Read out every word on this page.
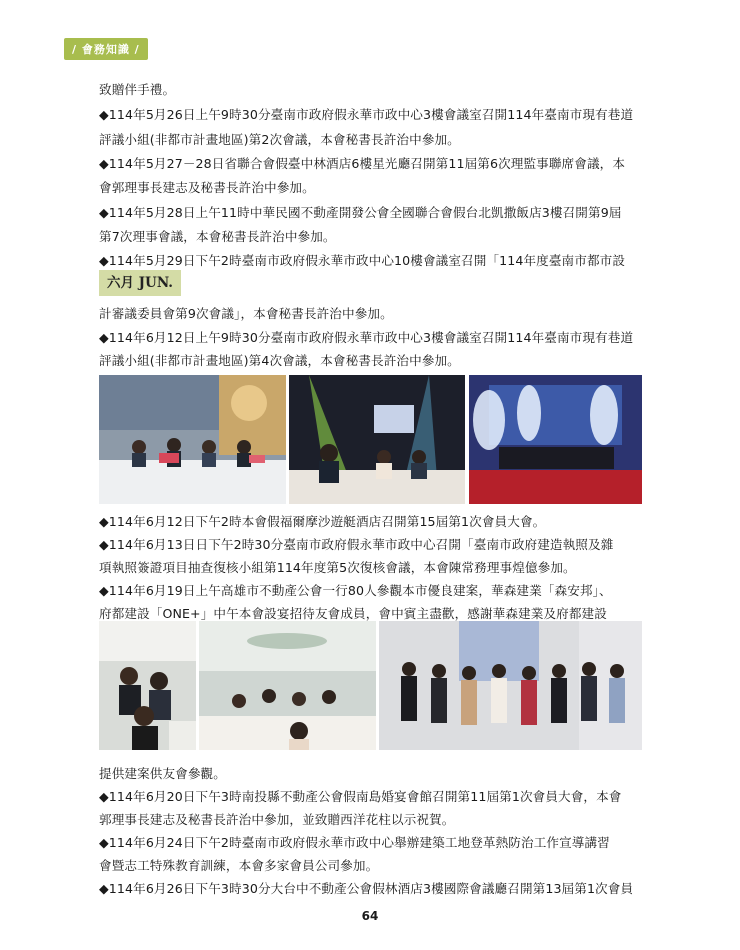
/ 會務知識 /
致贈伴手禮。
◆114年5月26日上午9時30分臺南市政府假永華市政中心3樓會議室召開114年臺南市現有巷道
評議小組(非都市計畫地區)第2次會議，本會秘書長許治中參加。
◆114年5月27－28日省聯合會假臺中林酒店6樓星光廳召開第11屆第6次理監事聯席會議，本
會郭理事長建志及秘書長許治中參加。
◆114年5月28日上午11時中華民國不動產開發公會全國聯合會假台北凱撒飯店3樓召開第9屆
第7次理事會議，本會秘書長許治中參加。
◆114年5月29日下午2時臺南市政府假永華市政中心10樓會議室召開「114年度臺南市都市設
六月 JUN.
計審議委員會第9次會議」，本會秘書長許治中參加。
◆114年6月12日上午9時30分臺南市政府假永華市政中心3樓會議室召開114年臺南市現有巷道
評議小組(非都市計畫地區)第4次會議，本會秘書長許治中參加。
◆114年6月12日下午2時本會假福爾摩沙遊艇酒店召開第15屆第1次會員大會。
◆114年6月13日日下午2時30分臺南市政府假永華市政中心召開「臺南市政府建造執照及雜
項執照簽證項目抽查復核小組第114年度第5次復核會議，本會陳常務理事煌億參加。
◆114年6月19日上午高雄市不動產公會一行80人參觀本市優良建案，華森建業「森安邦」、
府都建設「ONE+」中午本會設宴招待友會成員，會中賓主盡歡，感謝華森建業及府都建設
提供建案供友會參觀。
◆114年6月20日下午3時南投縣不動產公會假南島婚宴會館召開第11屆第1次會員大會，本會
郭理事長建志及秘書長許治中參加，並致贈西洋花柱以示祝賀。
◆114年6月24日下午2時臺南市政府假永華市政中心舉辦建築工地登革熱防治工作宣導講習
會暨志工特殊教育訓練，本會多家會員公司參加。
◆114年6月26日下午3時30分大台中不動產公會假林酒店3樓國際會議廳召開第13屆第1次會員
64
